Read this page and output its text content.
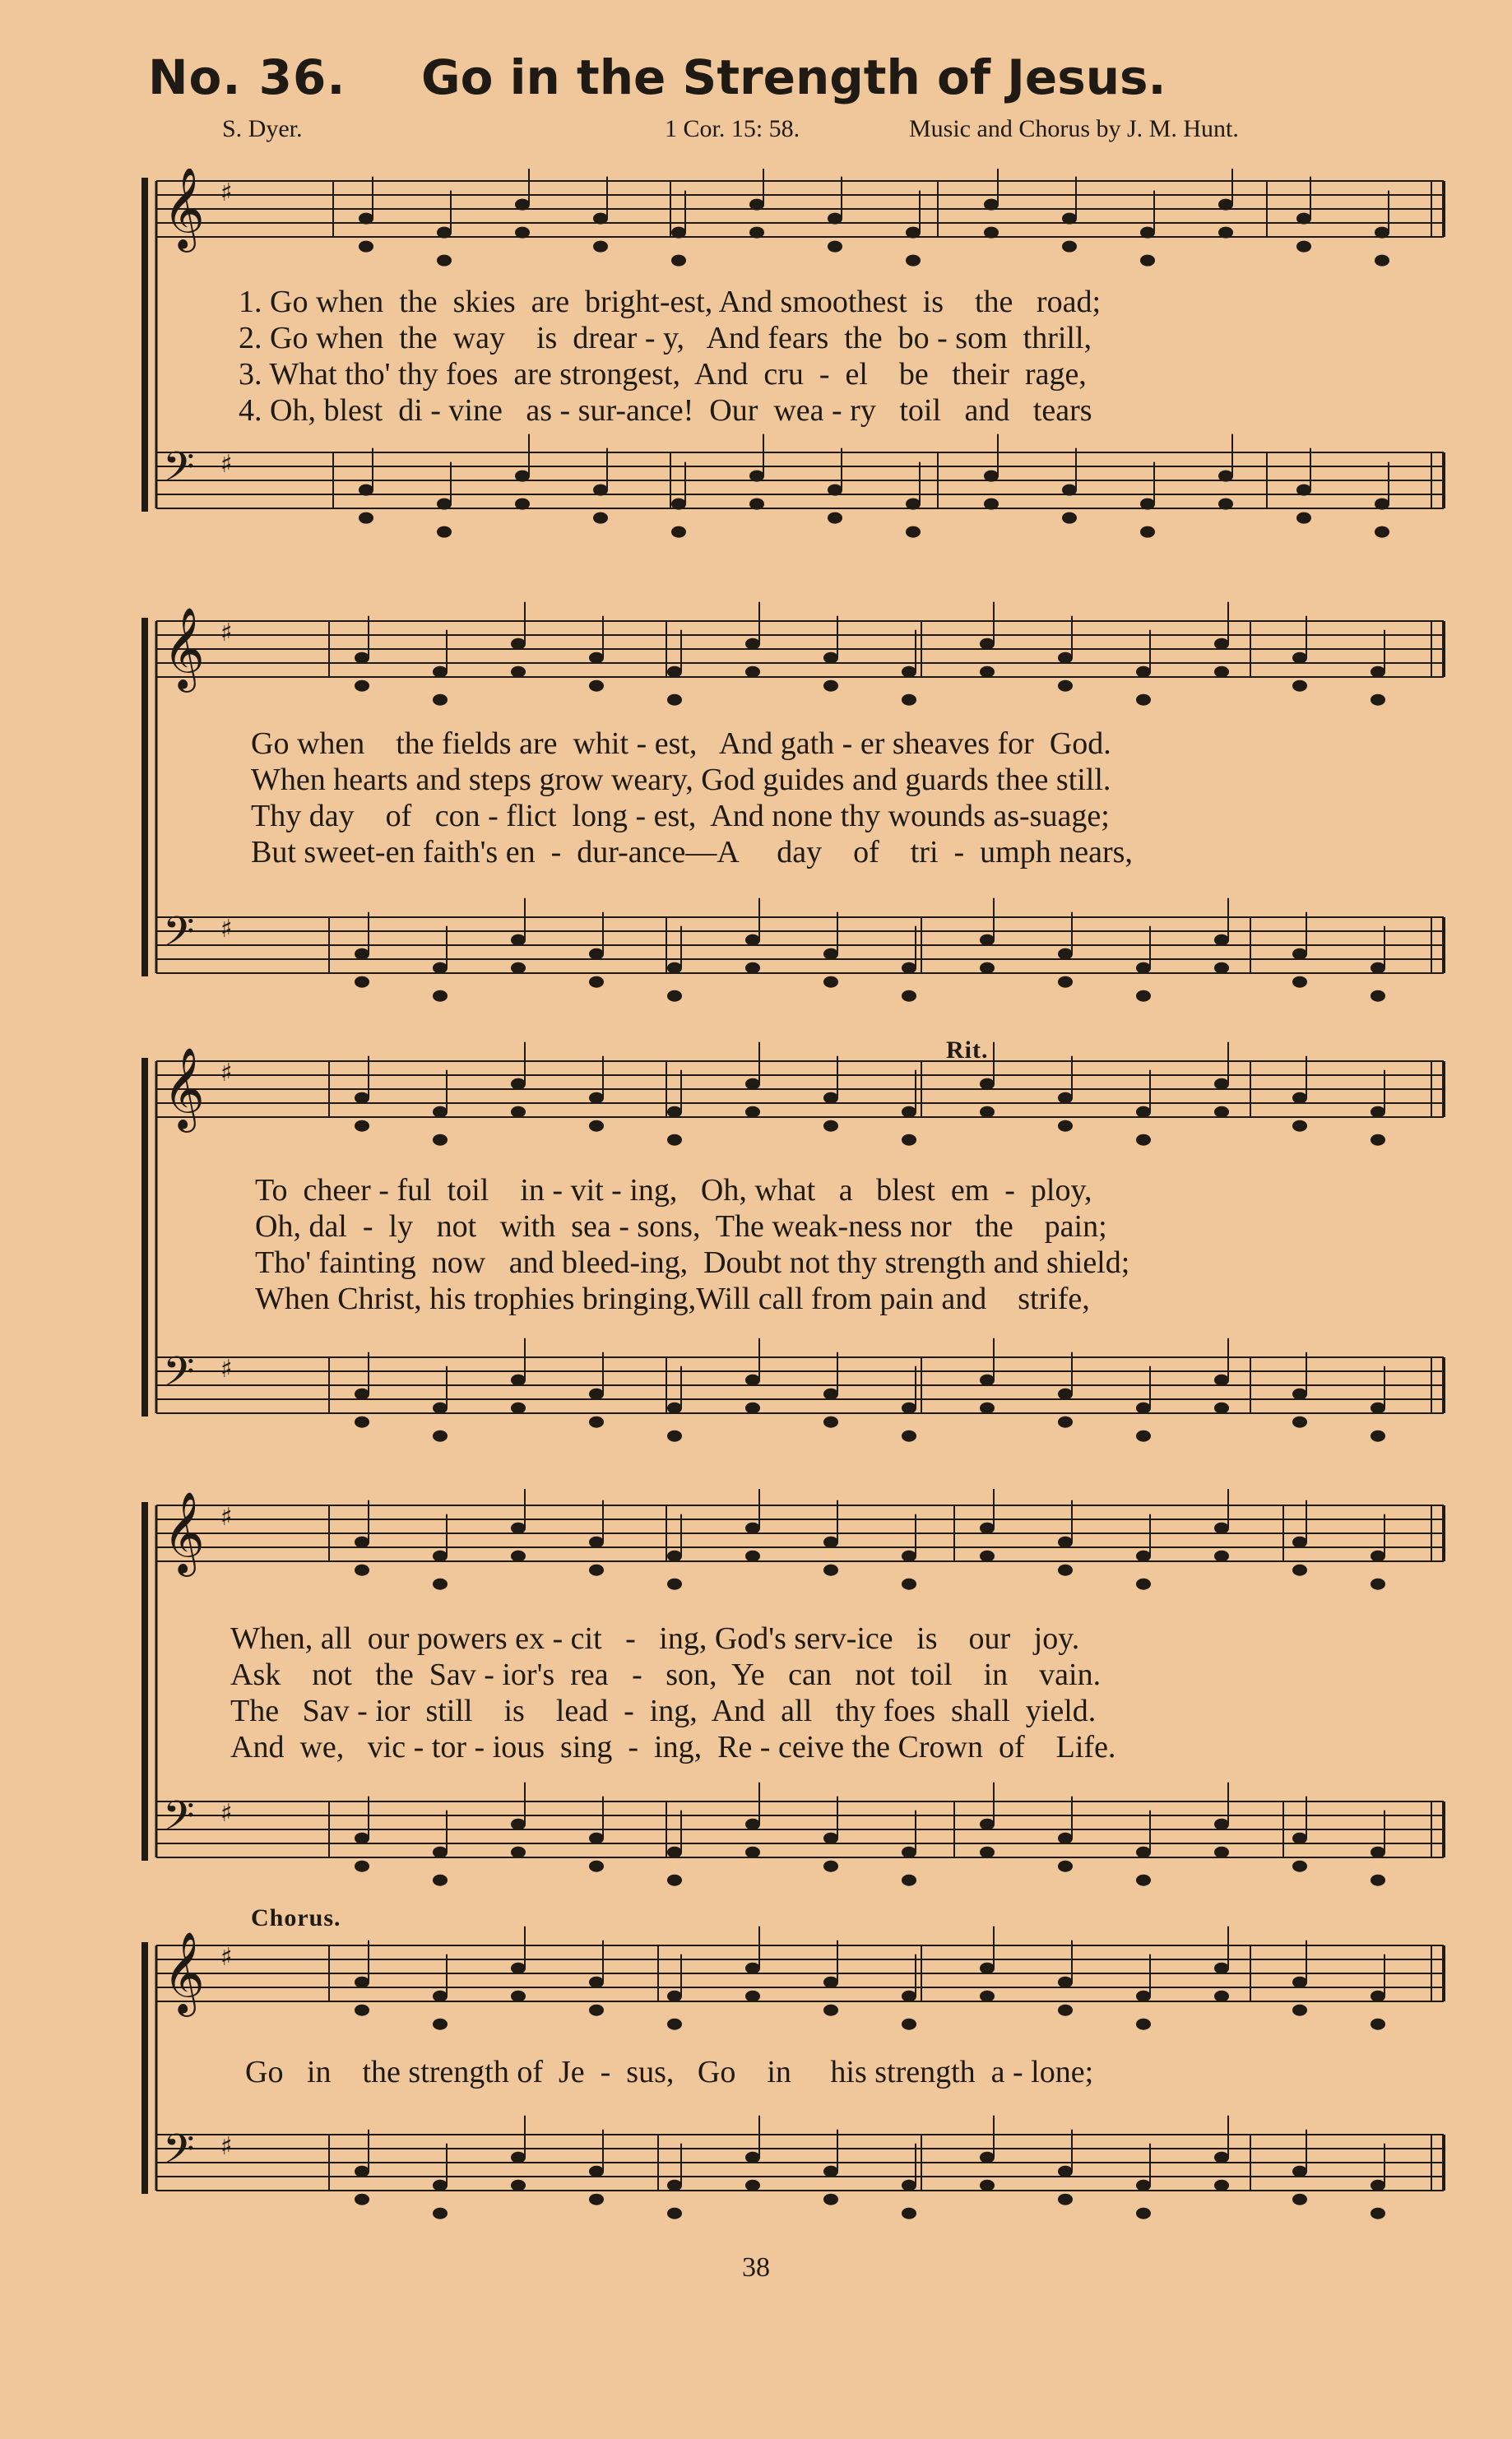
No. 36. Go in the Strength of Jesus.
S. Dyer.	1 Cor. 15: 58.	Music and Chorus by J. M. Hunt.
𝄞 ♯
𝄢 ♯
1. Go when  the  skies  are  bright-est, And smoothest  is    the   road;
2. Go when  the  way    is  drear - y,   And fears  the  bo - som  thrill,
3. What tho' thy foes  are strongest,  And  cru  -  el    be   their  rage,
4. Oh, blest  di - vine   as - sur-ance!  Our  wea - ry   toil   and   tears
𝄞 ♯
𝄢 ♯
Go when    the fields are  whit - est,   And gath - er sheaves for  God.
When hearts and steps grow weary, God guides and guards thee still.
Thy day    of   con - flict  long - est,  And none thy wounds as-suage;
But sweet-en faith's en  -  dur-ance—A     day    of    tri  -  umph nears,
Rit.
𝄞 ♯
𝄢 ♯
To  cheer - ful  toil    in - vit - ing,   Oh, what   a   blest  em  -  ploy,
Oh, dal  -  ly   not   with  sea - sons,  The weak-ness nor   the    pain;
Tho' fainting  now   and bleed-ing,  Doubt not thy strength and shield;
When Christ, his trophies bringing,Will call from pain and    strife,
𝄞 ♯
𝄢 ♯
When, all  our powers ex - cit   -   ing, God's serv-ice   is    our   joy.
Ask    not   the  Sav - ior's  rea   -   son,  Ye   can   not  toil    in    vain.
The   Sav - ior  still    is    lead  -  ing,  And  all   thy foes  shall  yield.
And  we,   vic - tor - ious  sing  -  ing,  Re - ceive the Crown  of    Life.
Chorus.
𝄞 ♯
𝄢 ♯
Go   in    the strength of  Je  -  sus,   Go    in     his strength  a - lone;
38
